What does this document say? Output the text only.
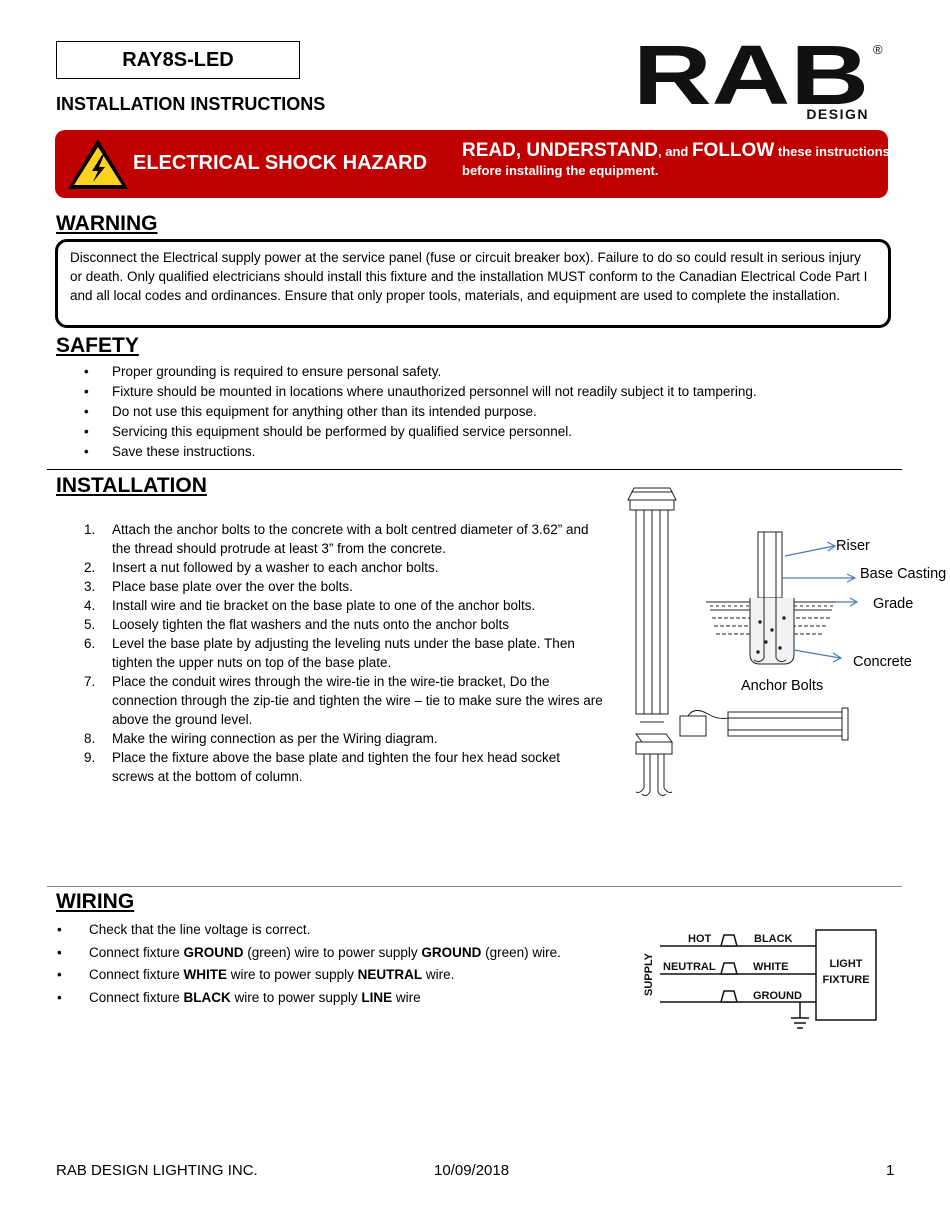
RAY8S-LED
INSTALLATION INSTRUCTIONS	RAB ®
DESIGN
ELECTRICAL SHOCK HAZARD
READ, UNDERSTAND, and FOLLOW these instructions
before installing the equipment.
WARNING
Disconnect the Electrical supply power at the service panel (fuse or circuit breaker box). Failure to do so could result in serious injury or death. Only qualified electricians should install this fixture and the installation MUST conform to the Canadian Electrical Code Part I and all local codes and ordinances. Ensure that only proper tools, materials, and equipment are used to complete the installation.
SAFETY
• Proper grounding is required to ensure personal safety.
• Fixture should be mounted in locations where unauthorized personnel will not readily subject it to tampering.
• Do not use this equipment for anything other than its intended purpose.
• Servicing this equipment should be performed by qualified service personnel.
• Save these instructions.
INSTALLATION
1. Attach the anchor bolts to the concrete with a bolt centred diameter of 3.62” and the thread should protrude at least 3” from the concrete.
2. Insert a nut followed by a washer to each anchor bolts.
3. Place base plate over the over the bolts.
4. Install wire and tie bracket on the base plate to one of the anchor bolts.
5. Loosely tighten the flat washers and the nuts onto the anchor bolts
6. Level the base plate by adjusting the leveling nuts under the base plate. Then tighten the upper nuts on top of the base plate.
7. Place the conduit wires through the wire-tie in the wire-tie bracket, Do the connection through the zip-tie and tighten the wire – tie to make sure the wires are above the ground level.
8. Make the wiring connection as per the Wiring diagram.
9. Place the fixture above the base plate and tighten the four hex head socket screws at the bottom of column.
Riser
Base Casting
Grade
Concrete
Anchor Bolts
WIRING
• Check that the line voltage is correct.
• Connect fixture GROUND (green) wire to power supply GROUND (green) wire.
• Connect fixture WHITE wire to power supply NEUTRAL wire.
• Connect fixture BLACK wire to power supply LINE wire
SUPPLY
HOT
NEUTRAL
BLACK
WHITE
GROUND
LIGHT
FIXTURE
RAB DESIGN LIGHTING INC.	10/09/2018	1
